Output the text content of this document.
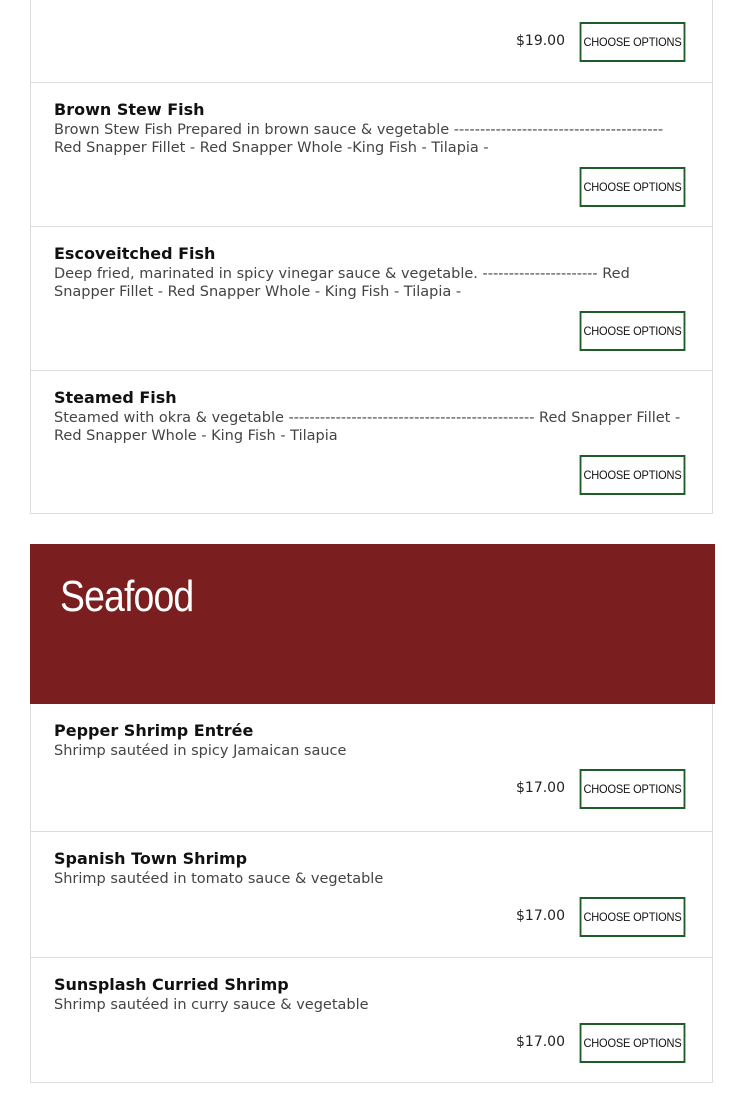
$19.00	CHOOSE OPTIONS
Brown Stew Fish
Brown Stew Fish Prepared in brown sauce & vegetable ---------------------------------------- Red Snapper Fillet - Red Snapper Whole -King Fish - Tilapia -
CHOOSE OPTIONS
Escoveitched Fish
Deep fried, marinated in spicy vinegar sauce & vegetable. ---------------------- Red Snapper Fillet - Red Snapper Whole - King Fish - Tilapia -
CHOOSE OPTIONS
Steamed Fish
Steamed with okra & vegetable ----------------------------------------------- Red Snapper Fillet - Red Snapper Whole - King Fish - Tilapia
CHOOSE OPTIONS
Seafood
Pepper Shrimp Entrée
Shrimp sautéed in spicy Jamaican sauce
$17.00	CHOOSE OPTIONS
Spanish Town Shrimp
Shrimp sautéed in tomato sauce & vegetable
$17.00	CHOOSE OPTIONS
Sunsplash Curried Shrimp
Shrimp sautéed in curry sauce & vegetable
$17.00	CHOOSE OPTIONS
